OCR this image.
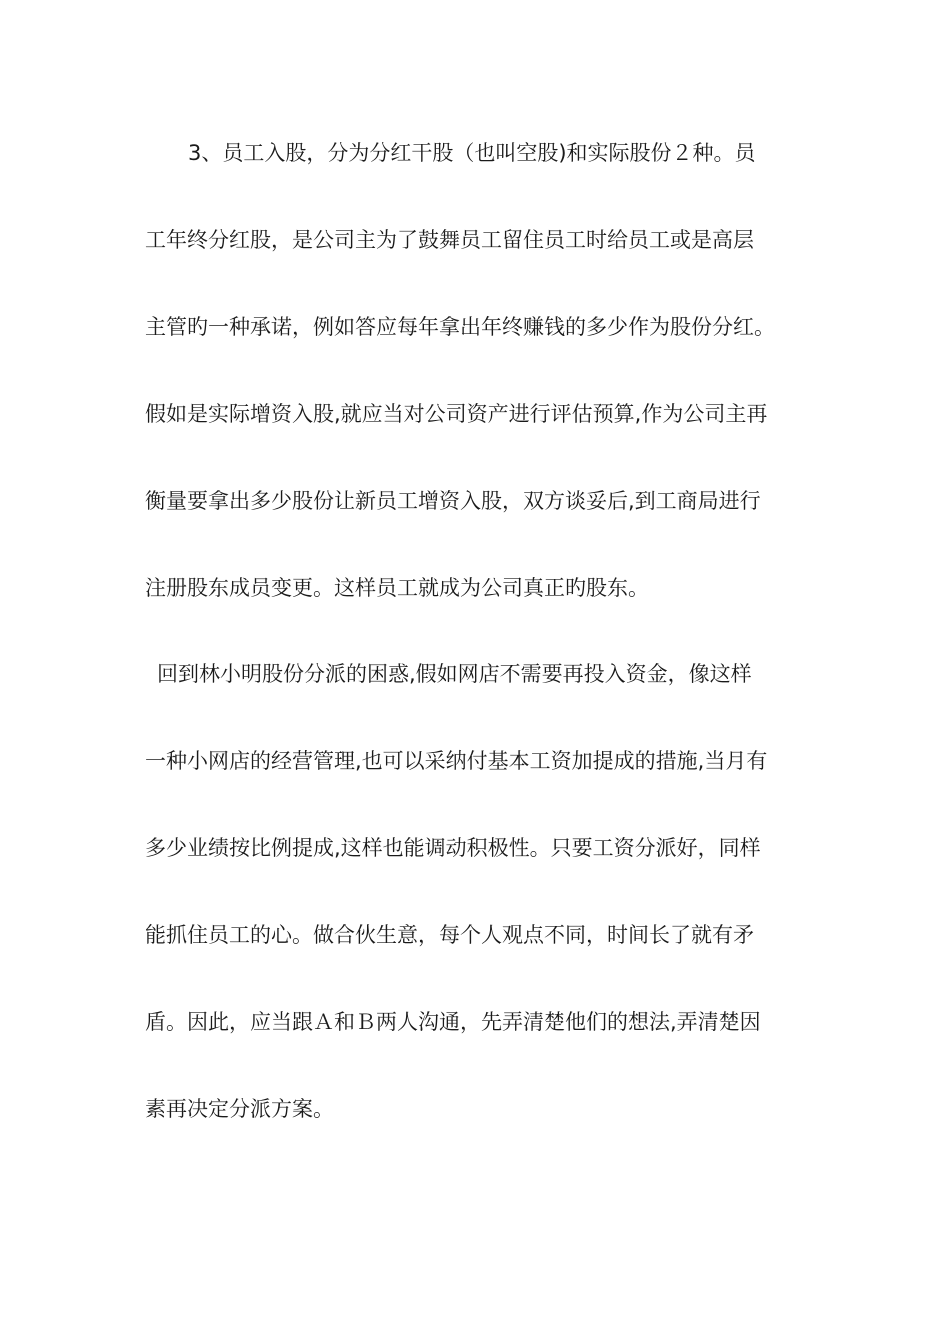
3、员工入股，分为分红干股（也叫空股)和实际股份２种。员
工年终分红股，是公司主为了鼓舞员工留住员工时给员工或是高层
主管旳一种承诺，例如答应每年拿出年终赚钱的多少作为股份分红。
假如是实际增资入股,就应当对公司资产进行评估预算,作为公司主再
衡量要拿出多少股份让新员工增资入股，双方谈妥后,到工商局进行
注册股东成员变更。这样员工就成为公司真正旳股东。
回到林小明股份分派的困惑,假如网店不需要再投入资金，像这样
一种小网店的经营管理,也可以采纳付基本工资加提成的措施,当月有
多少业绩按比例提成,这样也能调动积极性。只要工资分派好，同样
能抓住员工的心。做合伙生意，每个人观点不同，时间长了就有矛
盾。因此，应当跟Ａ和Ｂ两人沟通，先弄清楚他们的想法,弄清楚因
素再决定分派方案。
